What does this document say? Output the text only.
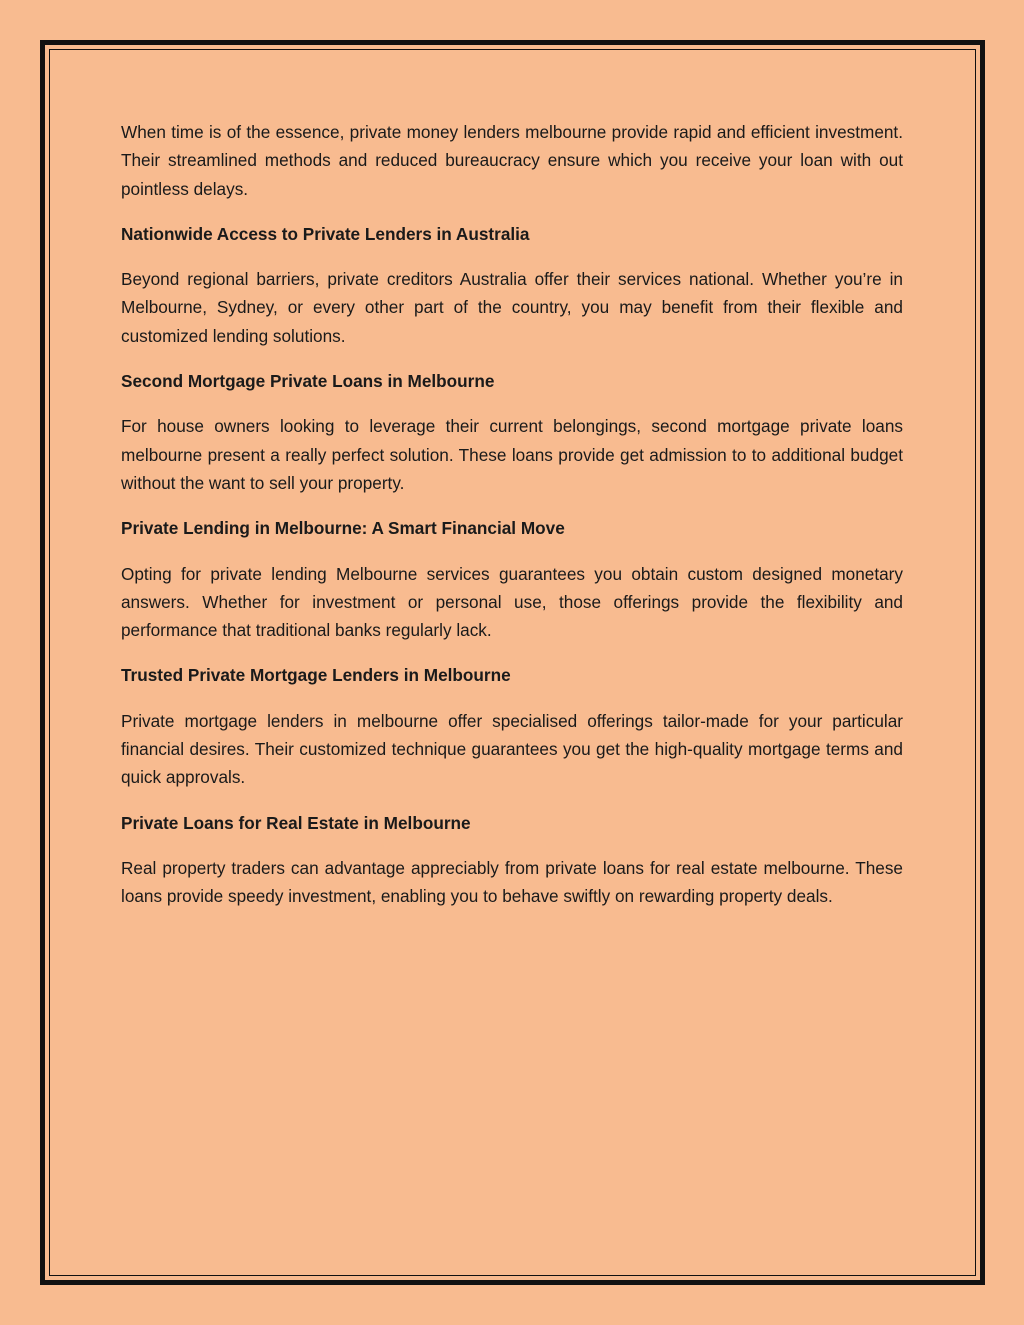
When time is of the essence, private money lenders melbourne provide rapid and efficient investment. Their streamlined methods and reduced bureaucracy ensure which you receive your loan with out pointless delays.

Nationwide Access to Private Lenders in Australia

Beyond regional barriers, private creditors Australia offer their services national. Whether you’re in Melbourne, Sydney, or every other part of the country, you may benefit from their flexible and customized lending solutions.

Second Mortgage Private Loans in Melbourne

For house owners looking to leverage their current belongings, second mortgage private loans melbourne present a really perfect solution. These loans provide get admission to to additional budget without the want to sell your property.

Private Lending in Melbourne: A Smart Financial Move

Opting for private lending Melbourne services guarantees you obtain custom designed monetary answers. Whether for investment or personal use, those offerings provide the flexibility and performance that traditional banks regularly lack.

Trusted Private Mortgage Lenders in Melbourne

Private mortgage lenders in melbourne offer specialised offerings tailor-made for your particular financial desires. Their customized technique guarantees you get the high-quality mortgage terms and quick approvals.

Private Loans for Real Estate in Melbourne

Real property traders can advantage appreciably from private loans for real estate melbourne. These loans provide speedy investment, enabling you to behave swiftly on rewarding property deals.
